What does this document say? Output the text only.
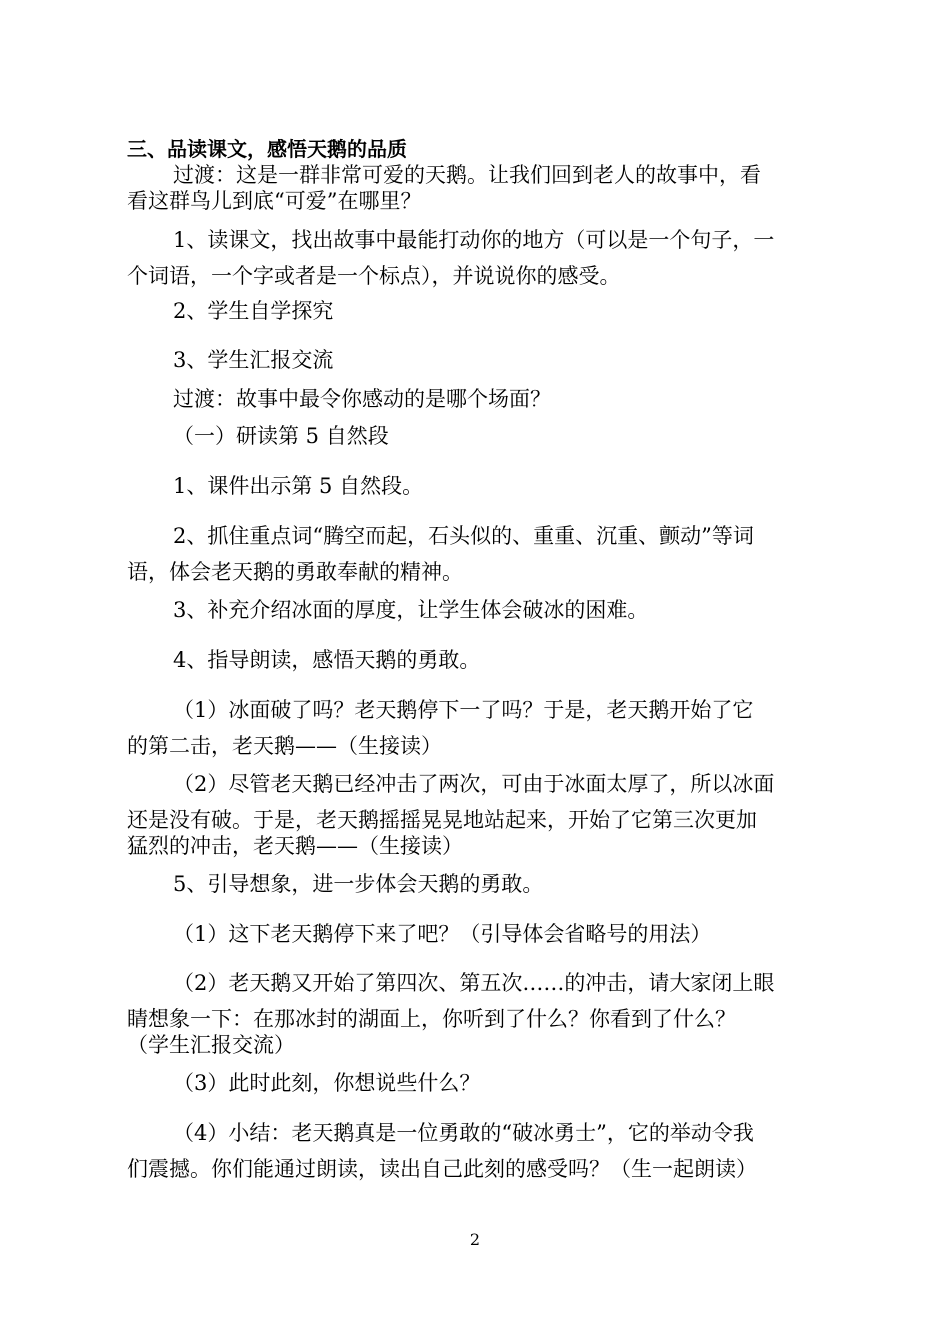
三、品读课文，感悟天鹅的品质
过渡：这是一群非常可爱的天鹅。让我们回到老人的故事中，看
看这群鸟儿到底“可爱”在哪里？
1、读课文，找出故事中最能打动你的地方（可以是一个句子，一
个词语，一个字或者是一个标点），并说说你的感受。
2、学生自学探究
3、学生汇报交流
过渡：故事中最令你感动的是哪个场面？
（一）研读第 5 自然段
1、课件出示第 5 自然段。
2、抓住重点词“腾空而起，石头似的、重重、沉重、颤动”等词
语，体会老天鹅的勇敢奉献的精神。
3、补充介绍冰面的厚度，让学生体会破冰的困难。
4、指导朗读，感悟天鹅的勇敢。
（1）冰面破了吗？老天鹅停下一了吗？于是，老天鹅开始了它
的第二击，老天鹅——（生接读）
（2）尽管老天鹅已经冲击了两次，可由于冰面太厚了，所以冰面
还是没有破。于是，老天鹅摇摇晃晃地站起来，开始了它第三次更加
猛烈的冲击，老天鹅——（生接读）
5、引导想象，进一步体会天鹅的勇敢。
（1）这下老天鹅停下来了吧？（引导体会省略号的用法）
（2）老天鹅又开始了第四次、第五次……的冲击，请大家闭上眼
睛想象一下：在那冰封的湖面上，你听到了什么？你看到了什么？
（学生汇报交流）
（3）此时此刻，你想说些什么？
（4）小结：老天鹅真是一位勇敢的“破冰勇士”，它的举动令我
们震撼。你们能通过朗读，读出自己此刻的感受吗？（生一起朗读）
2
